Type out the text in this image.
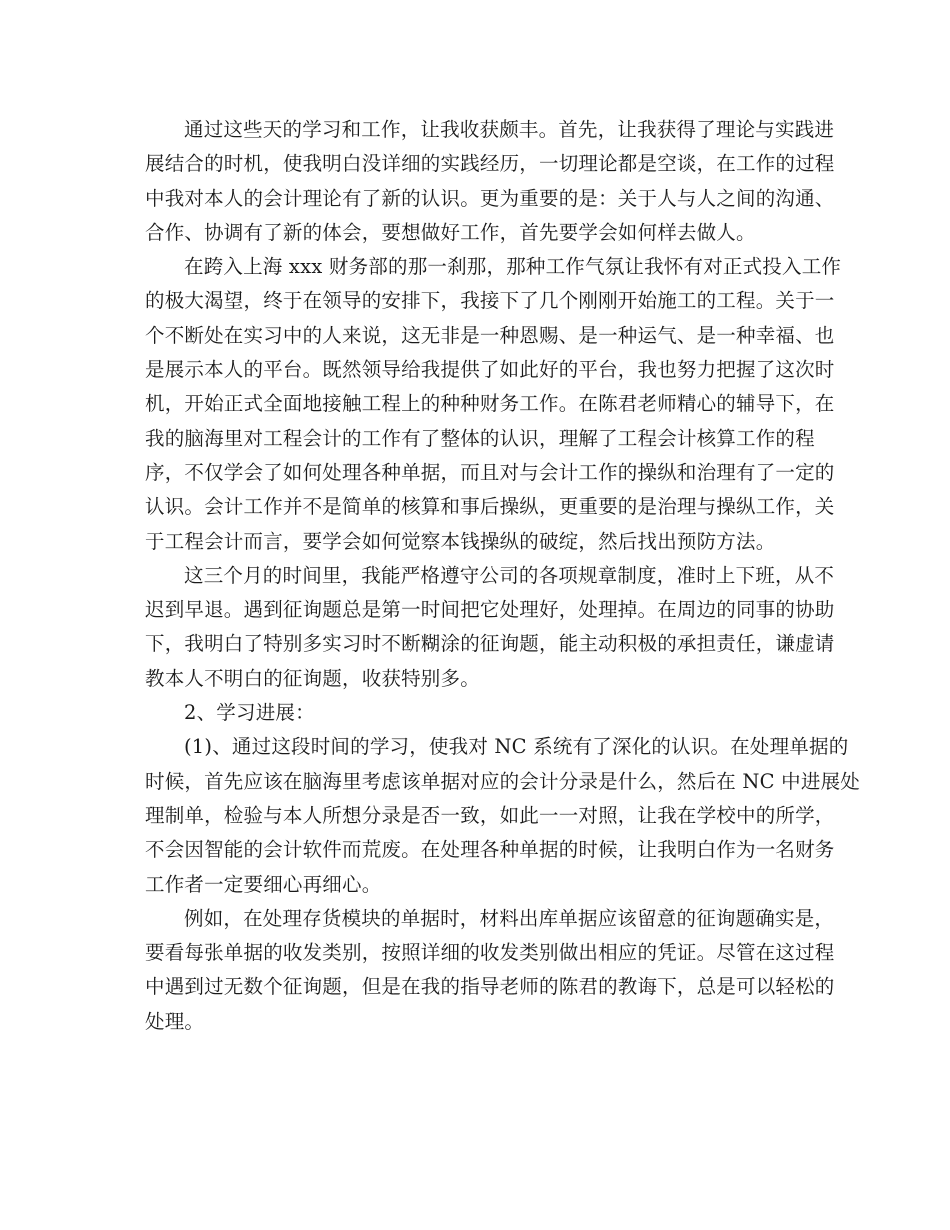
通过这些天的学习和工作，让我收获颇丰。首先，让我获得了理论与实践进
展结合的时机，使我明白没详细的实践经历，一切理论都是空谈，在工作的过程
中我对本人的会计理论有了新的认识。更为重要的是：关于人与人之间的沟通、
合作、协调有了新的体会，要想做好工作，首先要学会如何样去做人。

在跨入上海 xxx 财务部的那一刹那，那种工作气氛让我怀有对正式投入工作
的极大渴望，终于在领导的安排下，我接下了几个刚刚开始施工的工程。关于一
个不断处在实习中的人来说，这无非是一种恩赐、是一种运气、是一种幸福、也
是展示本人的平台。既然领导给我提供了如此好的平台，我也努力把握了这次时
机，开始正式全面地接触工程上的种种财务工作。在陈君老师精心的辅导下，在
我的脑海里对工程会计的工作有了整体的认识，理解了工程会计核算工作的程
序，不仅学会了如何处理各种单据，而且对与会计工作的操纵和治理有了一定的
认识。会计工作并不是简单的核算和事后操纵，更重要的是治理与操纵工作，关
于工程会计而言，要学会如何觉察本钱操纵的破绽，然后找出预防方法。

这三个月的时间里，我能严格遵守公司的各项规章制度，准时上下班，从不
迟到早退。遇到征询题总是第一时间把它处理好，处理掉。在周边的同事的协助
下，我明白了特别多实习时不断糊涂的征询题，能主动积极的承担责任，谦虚请
教本人不明白的征询题，收获特别多。

2、学习进展：

(1)、通过这段时间的学习，使我对 NC 系统有了深化的认识。在处理单据的
时候，首先应该在脑海里考虑该单据对应的会计分录是什么，然后在 NC 中进展处
理制单，检验与本人所想分录是否一致，如此一一对照，让我在学校中的所学，
不会因智能的会计软件而荒废。在处理各种单据的时候，让我明白作为一名财务
工作者一定要细心再细心。

例如，在处理存货模块的单据时，材料出库单据应该留意的征询题确实是，
要看每张单据的收发类别，按照详细的收发类别做出相应的凭证。尽管在这过程
中遇到过无数个征询题，但是在我的指导老师的陈君的教诲下，总是可以轻松的
处理。
